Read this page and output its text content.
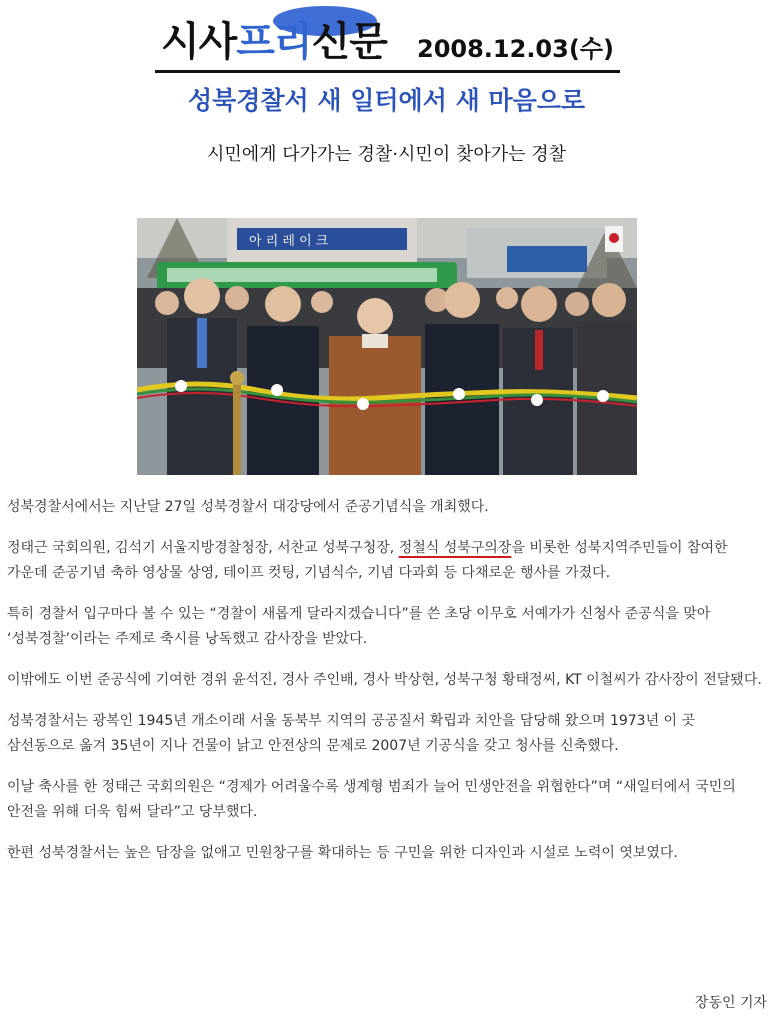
시사프리신문 2008.12.03(수)
성북경찰서 새 일터에서 새 마음으로
시민에게 다가가는 경찰·시민이 찾아가는 경찰
아 리 레 이 크

성북경찰서에서는 지난달 27일 성북경찰서 대강당에서 준공기념식을 개최했다.

정태근 국회의원, 김석기 서울지방경찰청장, 서찬교 성북구청장, 정철식 성북구의장을 비롯한 성북지역주민들이 참여한 가운데 준공기념 축하 영상물 상영, 테이프 컷팅, 기념식수, 기념 다과회 등 다채로운 행사를 가졌다.

특히 경찰서 입구마다 볼 수 있는 “경찰이 새롭게 달라지겠습니다”를 쓴 초당 이무호 서예가가 신청사 준공식을 맞아 ‘성북경찰’이라는 주제로 축시를 낭독했고 감사장을 받았다.

이밖에도 이번 준공식에 기여한 경위 윤석진, 경사 주인배, 경사 박상현, 성북구청 황태정씨, KT 이철씨가 감사장이 전달됐다.

성북경찰서는 광복인 1945년 개소이래 서울 동북부 지역의 공공질서 확립과 치안을 담당해 왔으며 1973년 이 곳 삼선동으로 옮겨 35년이 지나 건물이 낡고 안전상의 문제로 2007년 기공식을 갖고 청사를 신축했다.

이날 축사를 한 정태근 국회의원은 “경제가 어려울수록 생계형 범죄가 늘어 민생안전을 위협한다”며 “새일터에서 국민의 안전을 위해 더욱 힘써 달라”고 당부했다.

한편 성북경찰서는 높은 담장을 없애고 민원창구를 확대하는 등 구민을 위한 디자인과 시설로 노력이 엿보였다.

장동인 기자
